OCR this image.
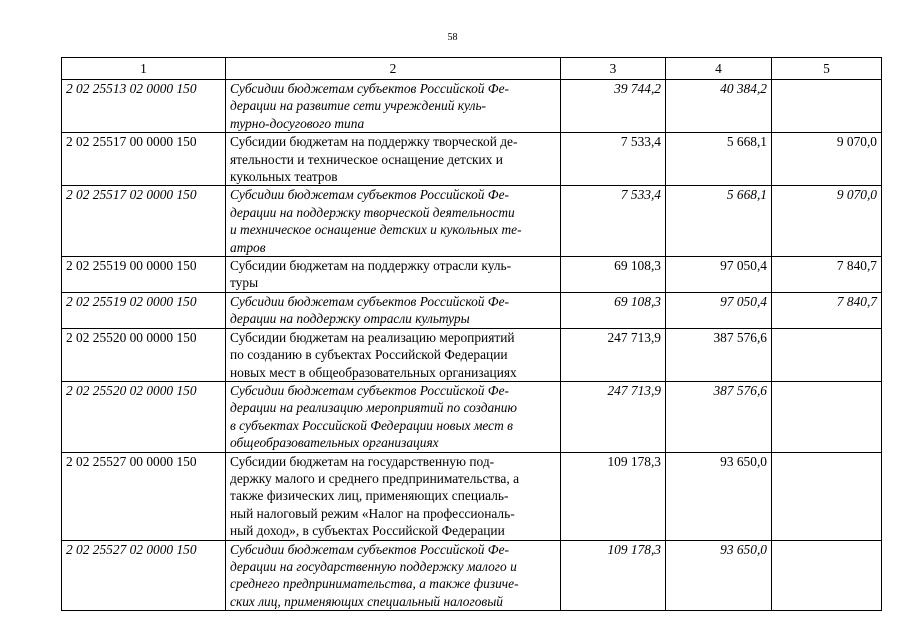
58
1	2	3	4	5
2 02 25513 02 0000 150	Субсидии бюджетам субъектов Российской Фе-
дерации на развитие сети учреждений куль-
турно-досугового типа	39 744,2	40 384,2	
2 02 25517 00 0000 150	Субсидии бюджетам на поддержку творческой де-
ятельности и техническое оснащение детских и
кукольных театров	7 533,4	5 668,1	9 070,0
2 02 25517 02 0000 150	Субсидии бюджетам субъектов Российской Фе-
дерации на поддержку творческой деятельности
и техническое оснащение детских и кукольных те-
атров	7 533,4	5 668,1	9 070,0
2 02 25519 00 0000 150	Субсидии бюджетам на поддержку отрасли куль-
туры	69 108,3	97 050,4	7 840,7
2 02 25519 02 0000 150	Субсидии бюджетам субъектов Российской Фе-
дерации на поддержку отрасли культуры	69 108,3	97 050,4	7 840,7
2 02 25520 00 0000 150	Субсидии бюджетам на реализацию мероприятий
по созданию в субъектах Российской Федерации
новых мест в общеобразовательных организациях	247 713,9	387 576,6	
2 02 25520 02 0000 150	Субсидии бюджетам субъектов Российской Фе-
дерации на реализацию мероприятий по созданию
в субъектах Российской Федерации новых мест в
общеобразовательных организациях	247 713,9	387 576,6	
2 02 25527 00 0000 150	Субсидии бюджетам на государственную под-
держку малого и среднего предпринимательства, а
также физических лиц, применяющих специаль-
ный налоговый режим «Налог на профессиональ-
ный доход», в субъектах Российской Федерации	109 178,3	93 650,0	
2 02 25527 02 0000 150	Субсидии бюджетам субъектов Российской Фе-
дерации на государственную поддержку малого и
среднего предпринимательства, а также физиче-
ских лиц, применяющих специальный налоговый	109 178,3	93 650,0	
